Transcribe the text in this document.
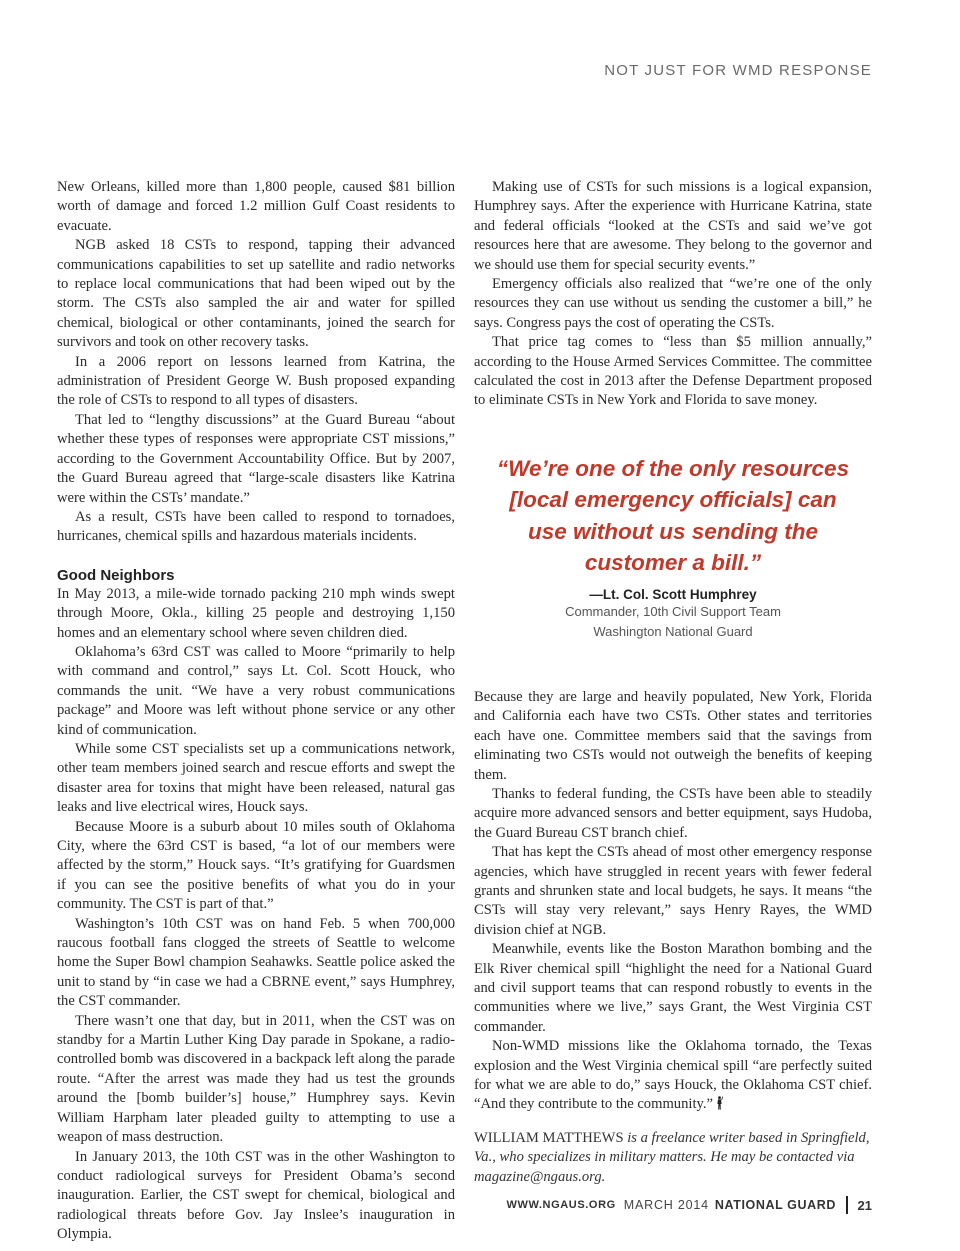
NOT JUST FOR WMD RESPONSE

New Orleans, killed more than 1,800 people, caused $81 billion worth of damage and forced 1.2 million Gulf Coast residents to evacuate.

NGB asked 18 CSTs to respond, tapping their advanced communications capabilities to set up satellite and radio networks to replace local communications that had been wiped out by the storm. The CSTs also sampled the air and water for spilled chemical, biological or other contaminants, joined the search for survivors and took on other recovery tasks.

In a 2006 report on lessons learned from Katrina, the administration of President George W. Bush proposed expanding the role of CSTs to respond to all types of disasters.

That led to “lengthy discussions” at the Guard Bureau “about whether these types of responses were appropriate CST missions,” according to the Government Accountability Office. But by 2007, the Guard Bureau agreed that “large-scale disasters like Katrina were within the CSTs’ mandate.”

As a result, CSTs have been called to respond to tornadoes, hurricanes, chemical spills and hazardous materials incidents.

Good Neighbors

In May 2013, a mile-wide tornado packing 210 mph winds swept through Moore, Okla., killing 25 people and destroying 1,150 homes and an elementary school where seven children died.

Oklahoma’s 63rd CST was called to Moore “primarily to help with command and control,” says Lt. Col. Scott Houck, who commands the unit. “We have a very robust communications package” and Moore was left without phone service or any other kind of communication.

While some CST specialists set up a communications network, other team members joined search and rescue efforts and swept the disaster area for toxins that might have been released, natural gas leaks and live electrical wires, Houck says.

Because Moore is a suburb about 10 miles south of Oklahoma City, where the 63rd CST is based, “a lot of our members were affected by the storm,” Houck says. “It’s gratifying for Guardsmen if you can see the positive benefits of what you do in your community. The CST is part of that.”

Washington’s 10th CST was on hand Feb. 5 when 700,000 raucous football fans clogged the streets of Seattle to welcome home the Super Bowl champion Seahawks. Seattle police asked the unit to stand by “in case we had a CBRNE event,” says Humphrey, the CST commander.

There wasn’t one that day, but in 2011, when the CST was on standby for a Martin Luther King Day parade in Spokane, a radio-controlled bomb was discovered in a backpack left along the parade route. “After the arrest was made they had us test the grounds around the [bomb builder’s] house,” Humphrey says. Kevin William Harpham later pleaded guilty to attempting to use a weapon of mass destruction.

In January 2013, the 10th CST was in the other Washington to conduct radiological surveys for President Obama’s second inauguration. Earlier, the CST swept for chemical, biological and radiological threats before Gov. Jay Inslee’s inauguration in Olympia.

Making use of CSTs for such missions is a logical expansion, Humphrey says. After the experience with Hurricane Katrina, state and federal officials “looked at the CSTs and said we’ve got resources here that are awesome. They belong to the governor and we should use them for special security events.”

Emergency officials also realized that “we’re one of the only resources they can use without us sending the customer a bill,” he says. Congress pays the cost of operating the CSTs.

That price tag comes to “less than $5 million annually,” according to the House Armed Services Committee. The committee calculated the cost in 2013 after the Defense Department proposed to eliminate CSTs in New York and Florida to save money.

“We’re one of the only resources [local emergency officials] can use without us sending the customer a bill.”
—Lt. Col. Scott Humphrey
Commander, 10th Civil Support Team
Washington National Guard

Because they are large and heavily populated, New York, Florida and California each have two CSTs. Other states and territories each have one. Committee members said that the savings from eliminating two CSTs would not outweigh the benefits of keeping them.

Thanks to federal funding, the CSTs have been able to steadily acquire more advanced sensors and better equipment, says Hudoba, the Guard Bureau CST branch chief.

That has kept the CSTs ahead of most other emergency response agencies, which have struggled in recent years with fewer federal grants and shrunken state and local budgets, he says. It means “the CSTs will stay very relevant,” says Henry Rayes, the WMD division chief at NGB.

Meanwhile, events like the Boston Marathon bombing and the Elk River chemical spill “highlight the need for a National Guard and civil support teams that can respond robustly to events in the communities where we live,” says Grant, the West Virginia CST commander.

Non-WMD missions like the Oklahoma tornado, the Texas explosion and the West Virginia chemical spill “are perfectly suited for what we are able to do,” says Houck, the Oklahoma CST chief. “And they contribute to the community.”

WILLIAM MATTHEWS is a freelance writer based in Springfield, Va., who specializes in military matters. He may be contacted via magazine@ngaus.org.
WWW.NGAUS.ORG MARCH 2014 NATIONAL GUARD 21
